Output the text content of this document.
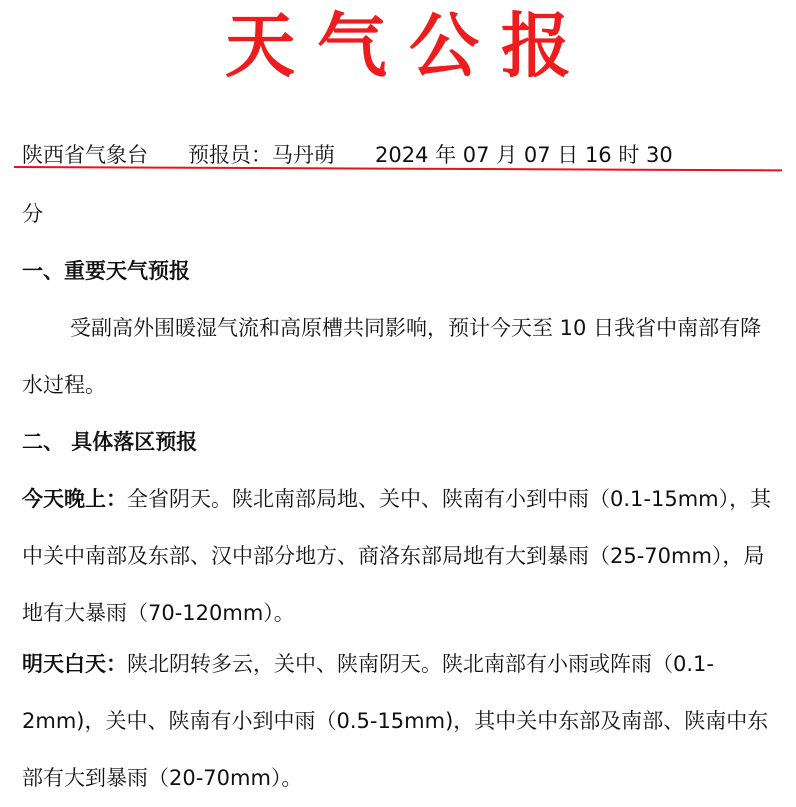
天气公报
陕西省气象台 预报员：马丹萌 2024 年 07 月 07 日 16 时 30

分

一、重要天气预报

受副高外围暖湿气流和高原槽共同影响，预计今天至 10 日我省中南部有降水过程。

二、 具体落区预报

今天晚上：全省阴天。陕北南部局地、关中、陕南有小到中雨（0.1-15mm），其中关中南部及东部、汉中部分地方、商洛东部局地有大到暴雨（25-70mm），局地有大暴雨（70-120mm）。

明天白天：陕北阴转多云，关中、陕南阴天。陕北南部有小雨或阵雨（0.1-2mm)，关中、陕南有小到中雨（0.5-15mm)，其中关中东部及南部、陕南中东部有大到暴雨（20-70mm）。
